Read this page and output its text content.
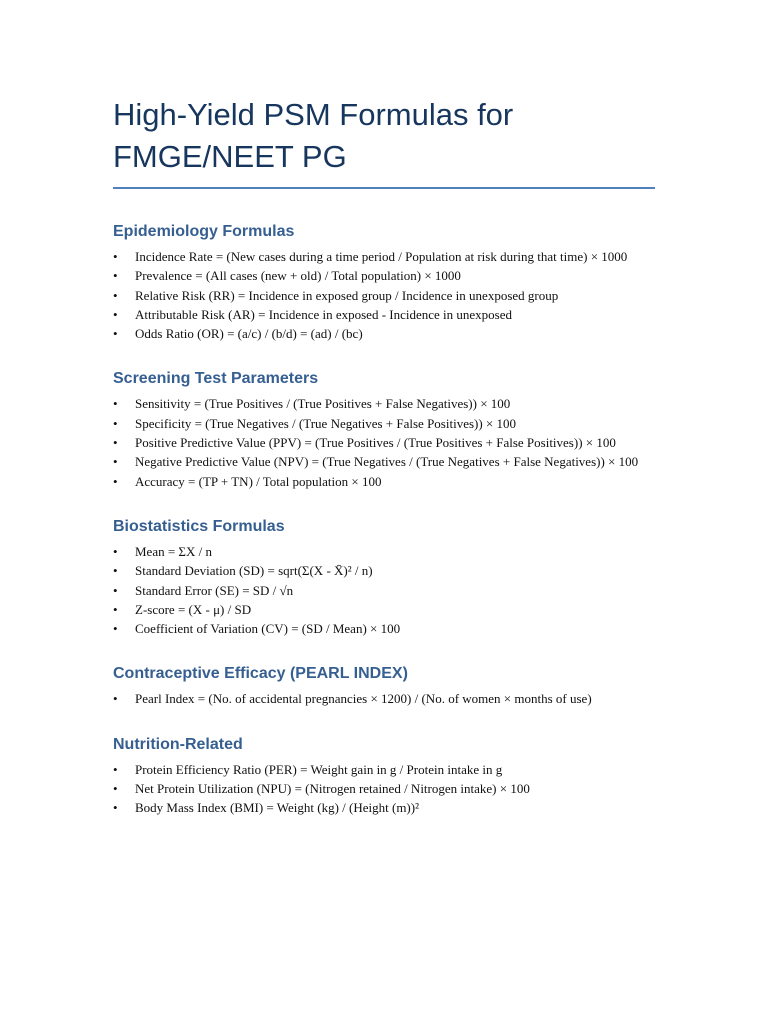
High-Yield PSM Formulas for FMGE/NEET PG
Epidemiology Formulas
• Incidence Rate = (New cases during a time period / Population at risk during that time) × 1000
• Prevalence = (All cases (new + old) / Total population) × 1000
• Relative Risk (RR) = Incidence in exposed group / Incidence in unexposed group
• Attributable Risk (AR) = Incidence in exposed - Incidence in unexposed
• Odds Ratio (OR) = (a/c) / (b/d) = (ad) / (bc)
Screening Test Parameters
• Sensitivity = (True Positives / (True Positives + False Negatives)) × 100
• Specificity = (True Negatives / (True Negatives + False Positives)) × 100
• Positive Predictive Value (PPV) = (True Positives / (True Positives + False Positives)) × 100
• Negative Predictive Value (NPV) = (True Negatives / (True Negatives + False Negatives)) × 100
• Accuracy = (TP + TN) / Total population × 100
Biostatistics Formulas
• Mean = ΣX / n
• Standard Deviation (SD) = sqrt(Σ(X - X̄)² / n)
• Standard Error (SE) = SD / √n
• Z-score = (X - μ) / SD
• Coefficient of Variation (CV) = (SD / Mean) × 100
Contraceptive Efficacy (PEARL INDEX)
• Pearl Index = (No. of accidental pregnancies × 1200) / (No. of women × months of use)
Nutrition-Related
• Protein Efficiency Ratio (PER) = Weight gain in g / Protein intake in g
• Net Protein Utilization (NPU) = (Nitrogen retained / Nitrogen intake) × 100
• Body Mass Index (BMI) = Weight (kg) / (Height (m))²
